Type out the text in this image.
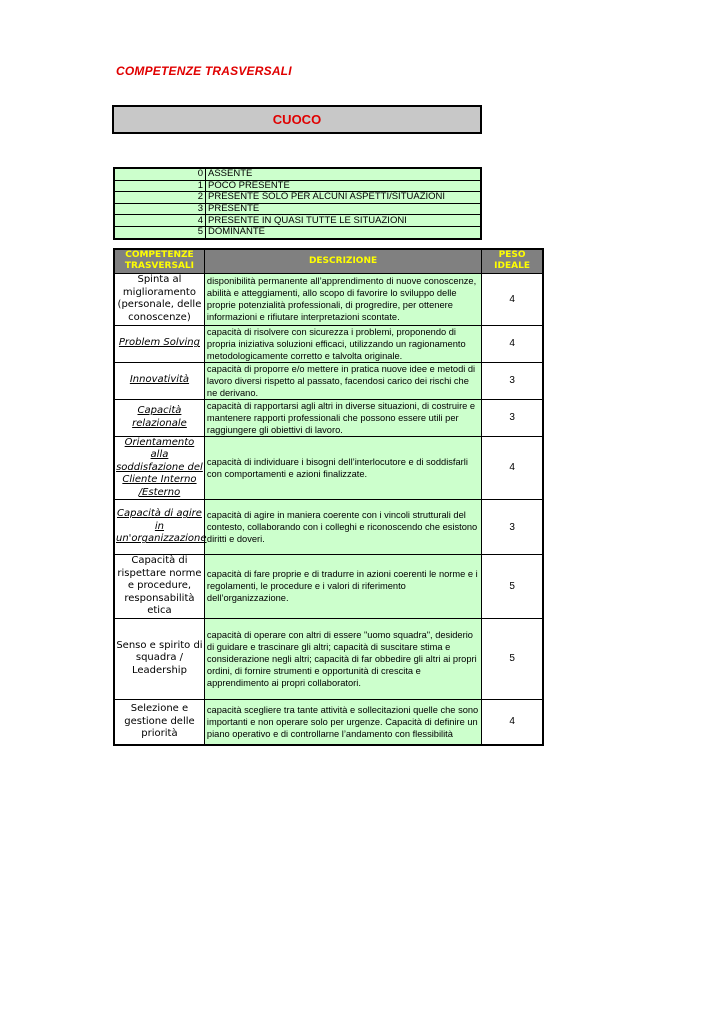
COMPETENZE TRASVERSALI
CUOCO
0	ASSENTE
1	POCO PRESENTE
2	PRESENTE SOLO PER ALCUNI ASPETTI/SITUAZIONI
3	PRESENTE
4	PRESENTE IN QUASI TUTTE LE SITUAZIONI
5	DOMINANTE
COMPETENZE TRASVERSALI	DESCRIZIONE	PESO IDEALE
Spinta al miglioramento (personale, delle conoscenze)	disponibilità permanente all’apprendimento di nuove conoscenze, abilità e atteggiamenti, allo scopo di favorire lo sviluppo delle proprie potenzialità professionali, di progredire, per ottenere informazioni e rifiutare interpretazioni scontate.	4
Problem Solving	capacità di risolvere con sicurezza i problemi, proponendo di propria iniziativa soluzioni efficaci, utilizzando un ragionamento metodologicamente corretto e talvolta originale.	4
Innovatività	capacità di proporre e/o mettere in pratica nuove idee e metodi di lavoro diversi rispetto al passato, facendosi carico dei rischi che ne derivano.	3
Capacità relazionale	capacità di rapportarsi agli altri in diverse situazioni, di costruire e mantenere rapporti professionali che possono essere utili per raggiungere gli obiettivi di lavoro.	3
Orientamento alla soddisfazione del Cliente Interno /Esterno	capacità di individuare i bisogni dell’interlocutore e di soddisfarli con comportamenti e azioni finalizzate.	4
Capacità di agire in un'organizzazione	capacità di agire in maniera coerente con i vincoli strutturali del contesto, collaborando con i colleghi e riconoscendo che esistono diritti e doveri.	3
Capacità di rispettare norme e procedure, responsabilità etica	capacità di fare proprie e di tradurre in azioni coerenti le norme e i regolamenti, le procedure e i valori di riferimento dell’organizzazione.	5
Senso e spirito di squadra / Leadership	capacità di operare con altri di essere "uomo squadra", desiderio di guidare e trascinare gli altri; capacità di suscitare stima e considerazione negli altri; capacità di far obbedire gli altri ai propri ordini, di fornire strumenti e opportunità di crescita e apprendimento ai propri collaboratori.	5
Selezione e gestione delle priorità	capacità scegliere tra tante attività e sollecitazioni quelle che sono importanti e non operare solo per urgenze. Capacità di definire un piano operativo e di controllarne l’andamento con flessibilità	4
